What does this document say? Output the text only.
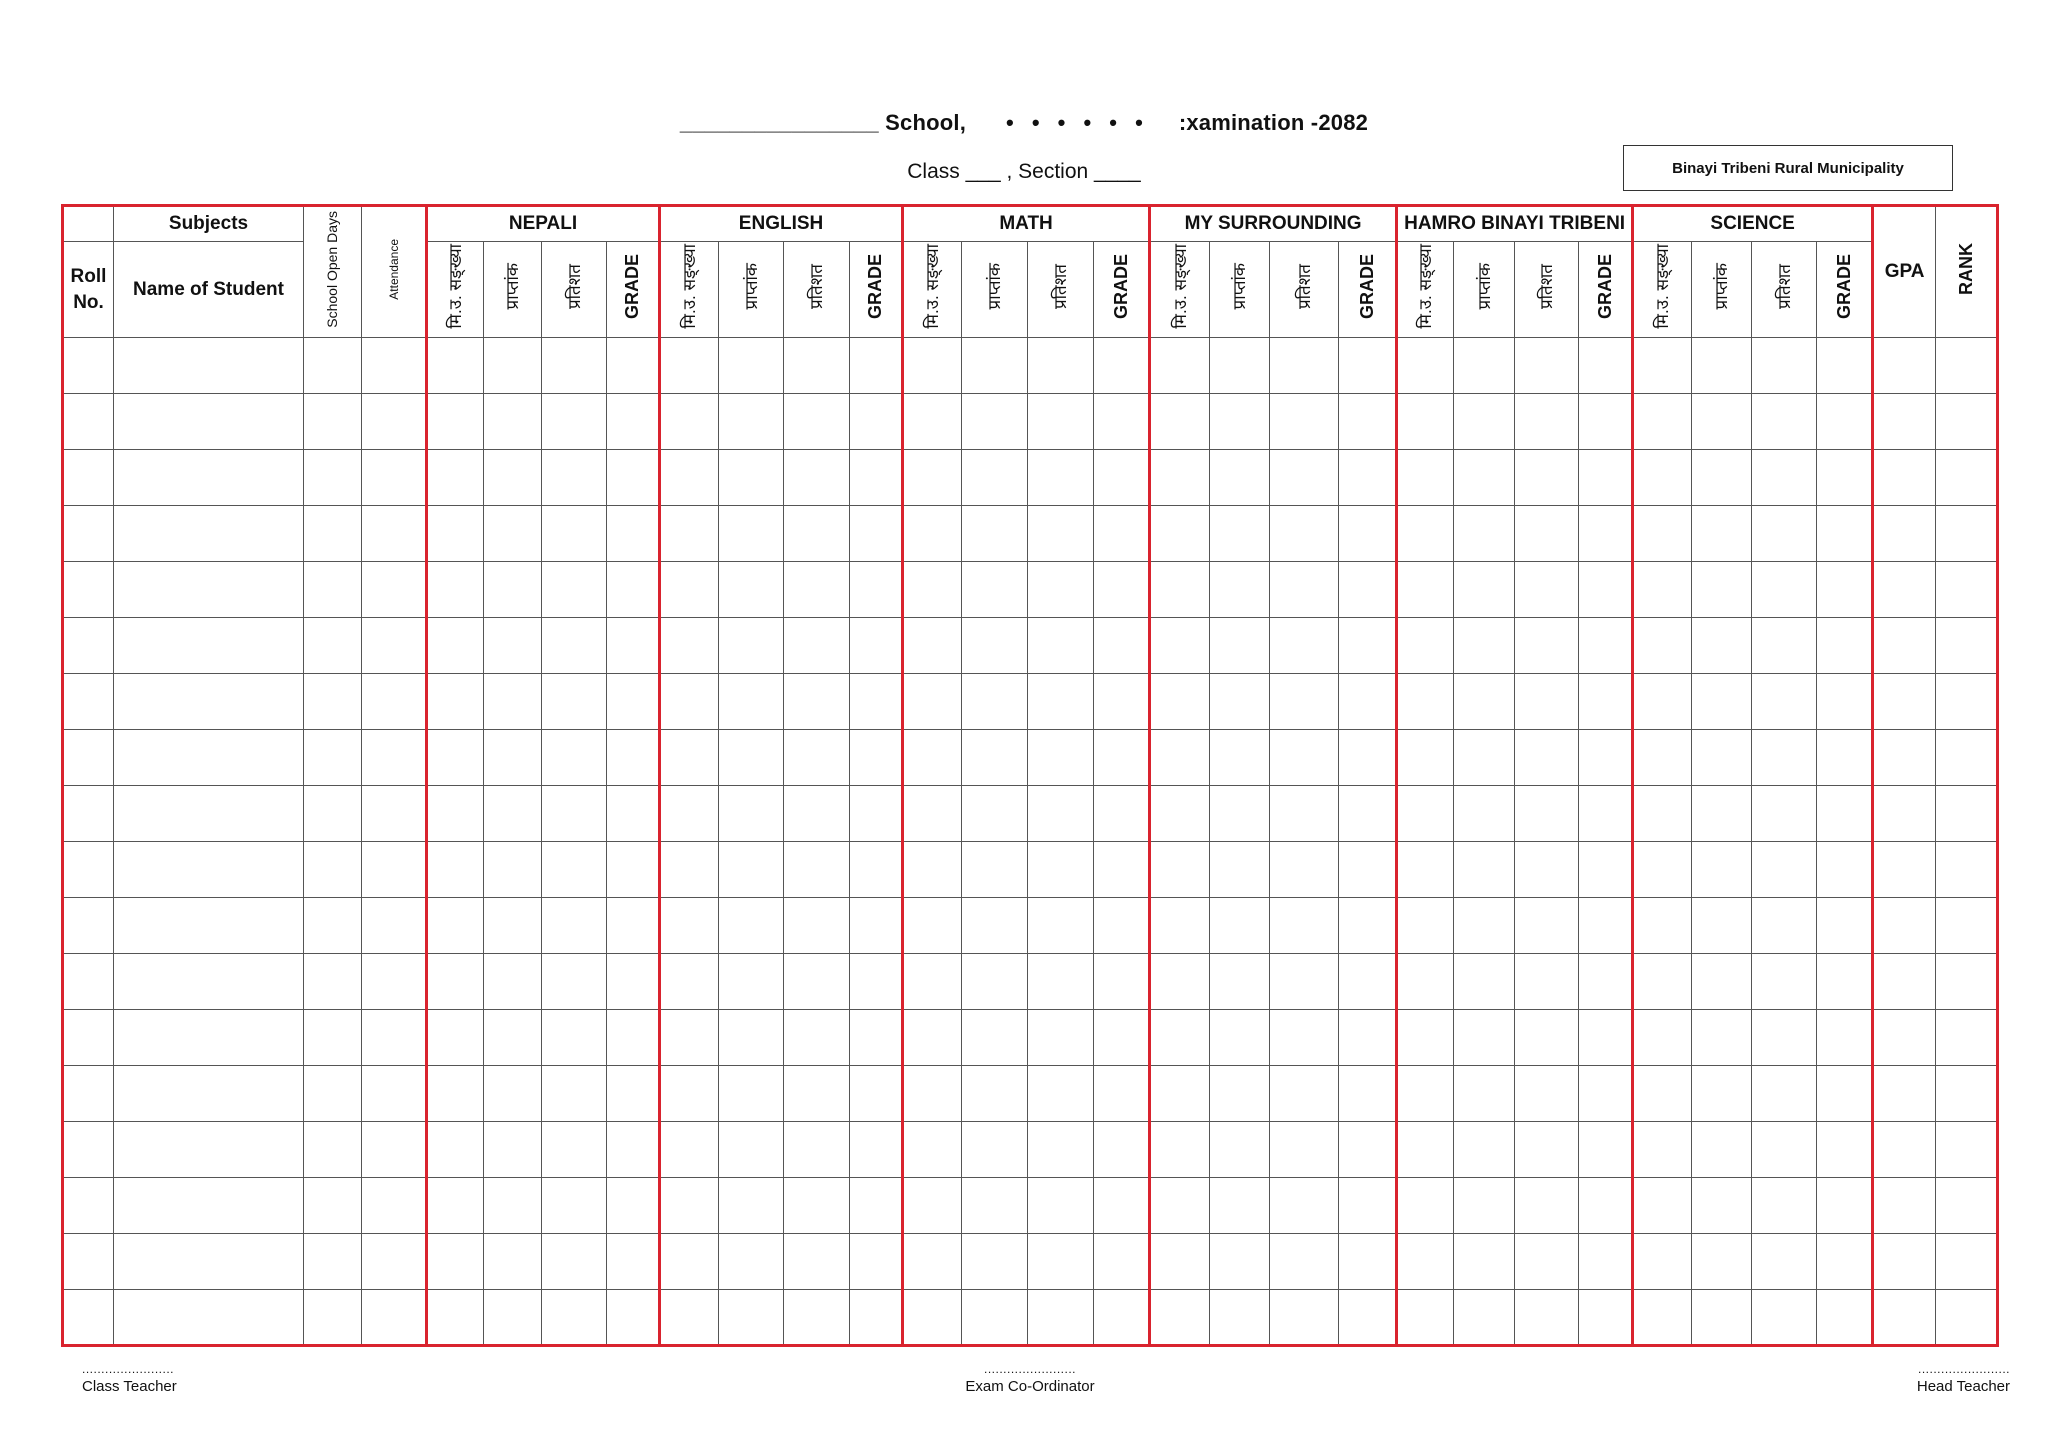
________________ School, • • • • • • :xamination -2082
Class ___ , Section ____	Binayi Tribeni Rural Municipality
	Subjects	School Open Days	Attendance	NEPALI				ENGLISH				MATH				MY SURROUNDING				HAMRO BINAYI TRIBENI				SCIENCE				GPA	RANK
Roll No.	Name of Student			मि.उ. सङ्ख्या	प्राप्तांक	प्रतिशत	GRADE	मि.उ. सङ्ख्या	प्राप्तांक	प्रतिशत	GRADE	मि.उ. सङ्ख्या	प्राप्तांक	प्रतिशत	GRADE	मि.उ. सङ्ख्या	प्राप्तांक	प्रतिशत	GRADE	मि.उ. सङ्ख्या	प्राप्तांक	प्रतिशत	GRADE	मि.उ. सङ्ख्या	प्राप्तांक	प्रतिशत	GRADE		

........................
Class Teacher
........................
Exam Co-Ordinator
........................
Head Teacher
